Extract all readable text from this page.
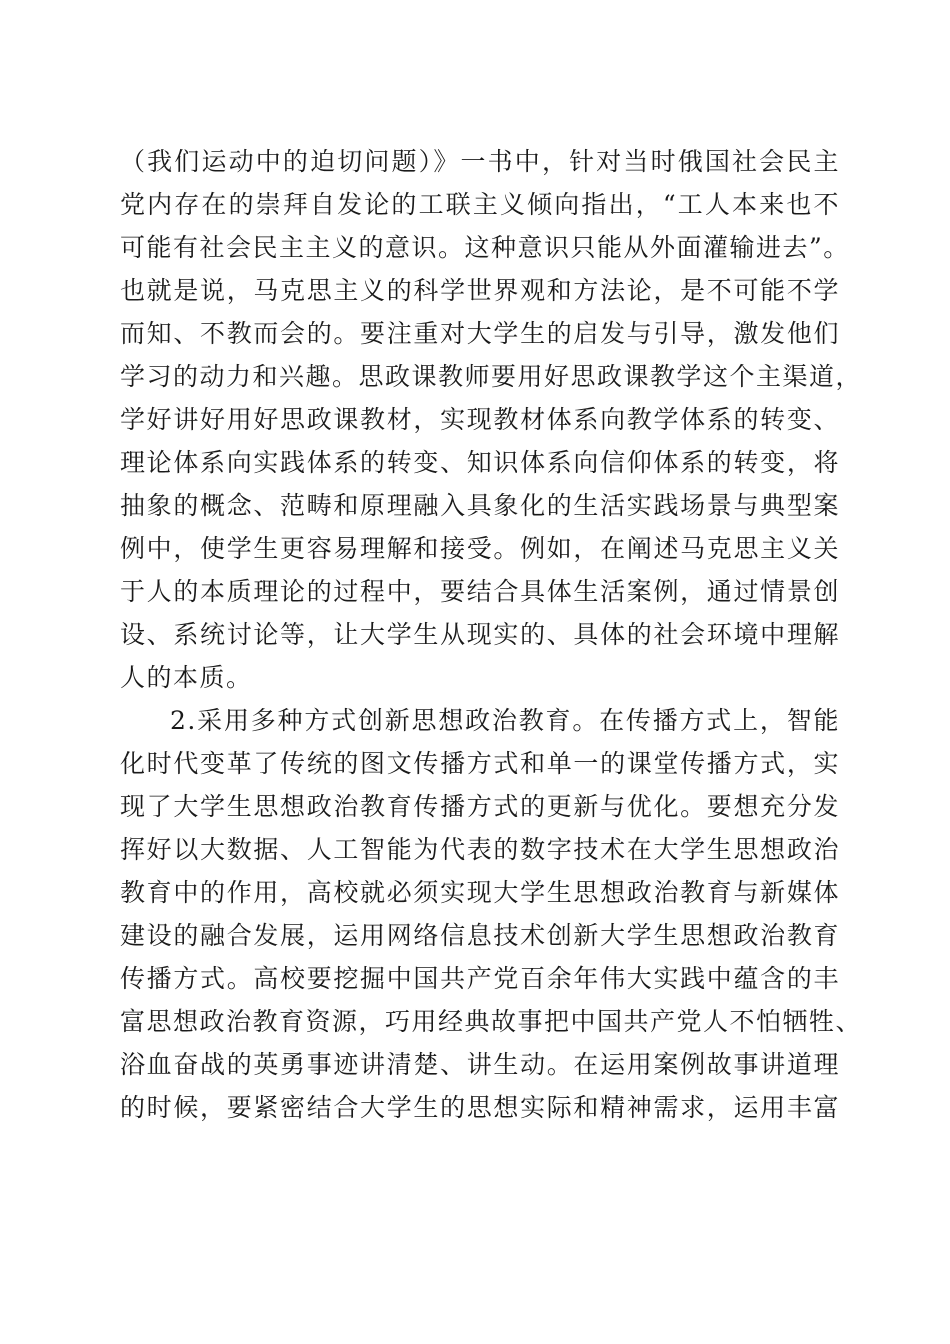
（我们运动中的迫切问题）》一书中，针对当时俄国社会民主
党内存在的崇拜自发论的工联主义倾向指出，“工人本来也不
可能有社会民主主义的意识。这种意识只能从外面灌输进去”。
也就是说，马克思主义的科学世界观和方法论，是不可能不学
而知、不教而会的。要注重对大学生的启发与引导，激发他们
学习的动力和兴趣。思政课教师要用好思政课教学这个主渠道，
学好讲好用好思政课教材，实现教材体系向教学体系的转变、
理论体系向实践体系的转变、知识体系向信仰体系的转变，将
抽象的概念、范畴和原理融入具象化的生活实践场景与典型案
例中，使学生更容易理解和接受。例如，在阐述马克思主义关
于人的本质理论的过程中，要结合具体生活案例，通过情景创
设、系统讨论等，让大学生从现实的、具体的社会环境中理解
人的本质。
2.采用多种方式创新思想政治教育。在传播方式上，智能
化时代变革了传统的图文传播方式和单一的课堂传播方式，实
现了大学生思想政治教育传播方式的更新与优化。要想充分发
挥好以大数据、人工智能为代表的数字技术在大学生思想政治
教育中的作用，高校就必须实现大学生思想政治教育与新媒体
建设的融合发展，运用网络信息技术创新大学生思想政治教育
传播方式。高校要挖掘中国共产党百余年伟大实践中蕴含的丰
富思想政治教育资源，巧用经典故事把中国共产党人不怕牺牲、
浴血奋战的英勇事迹讲清楚、讲生动。在运用案例故事讲道理
的时候，要紧密结合大学生的思想实际和精神需求，运用丰富
